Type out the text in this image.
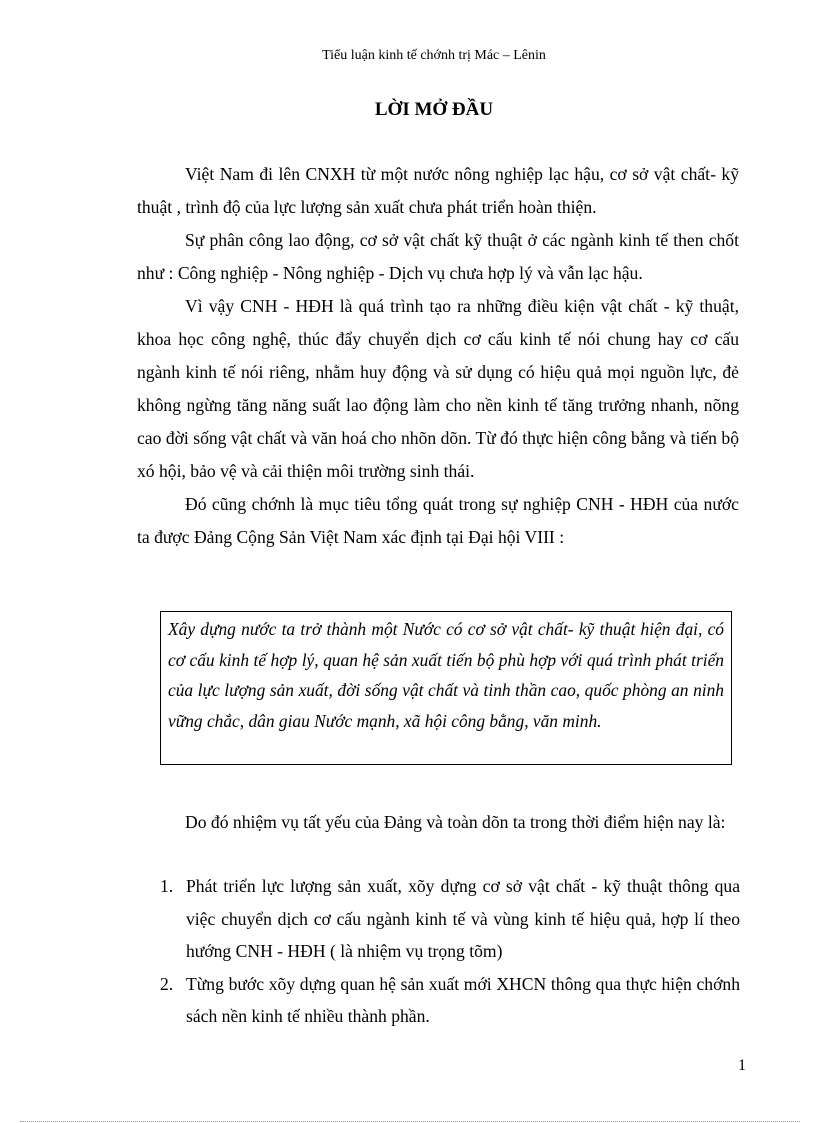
Tiểu luận kinh tế chớnh trị Mác – Lênin
LỜI MỞ ĐẦU

Việt Nam đi lên CNXH từ một nước nông nghiệp lạc hậu, cơ sở vật chất- kỹ thuật , trình độ của lực lượng sản xuất chưa phát triển hoàn thiện.

Sự phân công lao động, cơ sở vật chất kỹ thuật ở các ngành kinh tế then chốt như : Công nghiệp - Nông nghiệp - Dịch vụ chưa hợp lý và vẫn lạc hậu.

Vì vậy CNH - HĐH là quá trình tạo ra những điều kiện vật chất - kỹ thuật, khoa học công nghệ, thúc đẩy chuyển dịch cơ cấu kinh tế nói chung hay cơ cấu ngành kinh tế nói riêng, nhằm huy động và sử dụng có hiệu quả mọi nguồn lực, đẻ không ngừng tăng năng suất lao động làm cho nền kinh tế tăng trưởng nhanh, nõng cao đời sống vật chất và văn hoá cho nhõn dõn. Từ đó thực hiện công bằng và tiến bộ xó hội, bảo vệ và cải thiện môi trường sinh thái.

Đó cũng chớnh là mục tiêu tổng quát trong sự nghiệp CNH - HĐH của nước ta được Đảng Cộng Sản Việt Nam xác định tại Đại hội VIII :

Xây dựng nước ta trở thành một Nước có cơ sở vật chất- kỹ thuật hiện đại, có cơ cấu kinh tế hợp lý, quan hệ sản xuất tiến bộ phù hợp với quá trình phát triển của lực lượng sản xuất, đời sống vật chất và tinh thần cao, quốc phòng an ninh vững chắc, dân giau Nước mạnh, xã hội công bằng, văn minh.

Do đó nhiệm vụ tất yếu của Đảng và toàn dõn ta trong thời điểm hiện nay là:

1. Phát triển lực lượng sản xuất, xõy dựng cơ sở vật chất - kỹ thuật thông qua việc chuyển dịch cơ cấu ngành kinh tế và vùng kinh tế hiệu quả, hợp lí theo hướng CNH - HĐH ( là nhiệm vụ trọng tõm)
2. Từng bước xõy dựng quan hệ sản xuất mới XHCN thông qua thực hiện chớnh sách nền kinh tế nhiều thành phần.
1
